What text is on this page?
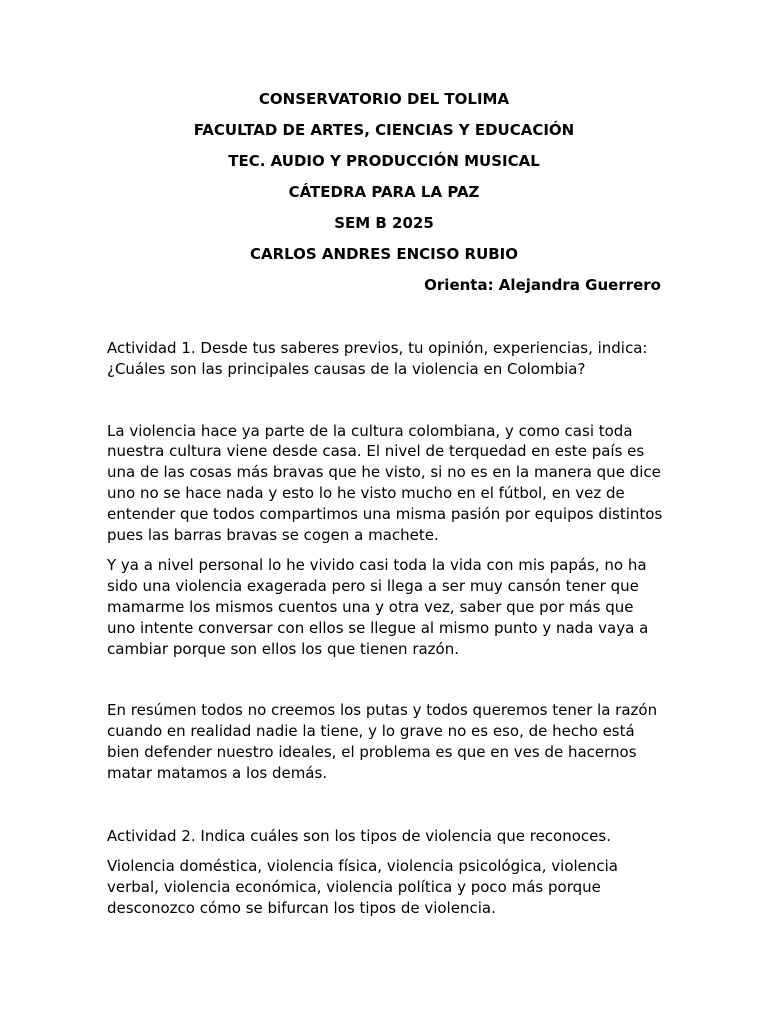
CONSERVATORIO DEL TOLIMA

FACULTAD DE ARTES, CIENCIAS Y EDUCACIÓN

TEC. AUDIO Y PRODUCCIÓN MUSICAL

CÁTEDRA PARA LA PAZ

SEM B 2025

CARLOS ANDRES ENCISO RUBIO

Orienta: Alejandra Guerrero

Actividad 1. Desde tus saberes previos, tu opinión, experiencias, indica: ¿Cuáles son las principales causas de la violencia en Colombia?

La violencia hace ya parte de la cultura colombiana, y como casi toda nuestra cultura viene desde casa. El nivel de terquedad en este país es una de las cosas más bravas que he visto, si no es en la manera que dice uno no se hace nada y esto lo he visto mucho en el fútbol, en vez de entender que todos compartimos una misma pasión por equipos distintos pues las barras bravas se cogen a machete.

Y ya a nivel personal lo he vivido casi toda la vida con mis papás, no ha sido una violencia exagerada pero si llega a ser muy cansón tener que mamarme los mismos cuentos una y otra vez, saber que por más que uno intente conversar con ellos se llegue al mismo punto y nada vaya a cambiar porque son ellos los que tienen razón.

En resúmen todos no creemos los putas y todos queremos tener la razón cuando en realidad nadie la tiene, y lo grave no es eso, de hecho está bien defender nuestro ideales, el problema es que en ves de hacernos matar matamos a los demás.

Actividad 2. Indica cuáles son los tipos de violencia que reconoces.

Violencia doméstica, violencia física, violencia psicológica, violencia verbal, violencia económica, violencia política y poco más porque desconozco cómo se bifurcan los tipos de violencia.
